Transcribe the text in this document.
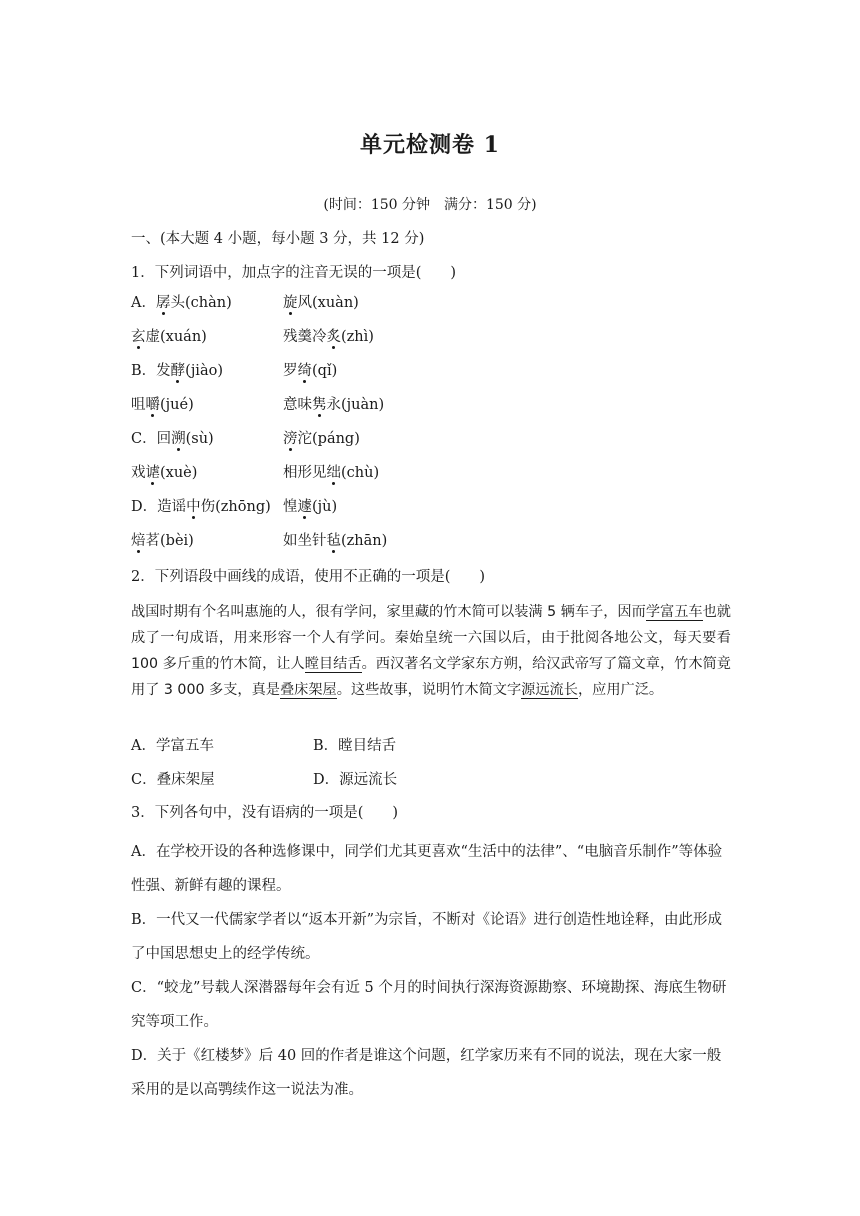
单元检测卷 1
(时间：150 分钟　满分：150 分)
一、(本大题 4 小题，每小题 3 分，共 12 分)
1．下列词语中，加点字的注音无误的一项是(　　)
A．孱头(chàn)	旋风(xuàn)
玄虚(xuán)	残羹冷炙(zhì)
B．发酵(jiào)	罗绮(qǐ)
咀嚼(jué)	意味隽永(juàn)
C．回溯(sù)	滂沱(páng)
戏谑(xuè)	相形见绌(chù)
D．造谣中伤(zhōng) 惶遽(jù)
焙茗(bèi)	如坐针毡(zhān)
2．下列语段中画线的成语，使用不正确的一项是(　　)
战国时期有个名叫惠施的人，很有学问，家里藏的竹木简可以装满 5 辆车子，因而学富五车也就成了一句成语，用来形容一个人有学问。秦始皇统一六国以后，由于批阅各地公文，每天要看 100 多斤重的竹木简，让人瞠目结舌。西汉著名文学家东方朔，给汉武帝写了篇文章，竹木简竟用了 3 000 多支，真是叠床架屋。这些故事，说明竹木简文字源远流长，应用广泛。
A．学富五车	B．瞠目结舌
C．叠床架屋	D．源远流长
3．下列各句中，没有语病的一项是(　　)
A．在学校开设的各种选修课中，同学们尤其更喜欢“生活中的法律”、“电脑音乐制作”等体验性强、新鲜有趣的课程。
B．一代又一代儒家学者以“返本开新”为宗旨，不断对《论语》进行创造性地诠释，由此形成了中国思想史上的经学传统。
C．“蛟龙”号载人深潜器每年会有近 5 个月的时间执行深海资源勘察、环境勘探、海底生物研究等项工作。
D．关于《红楼梦》后 40 回的作者是谁这个问题，红学家历来有不同的说法，现在大家一般采用的是以高鹗续作这一说法为准。
